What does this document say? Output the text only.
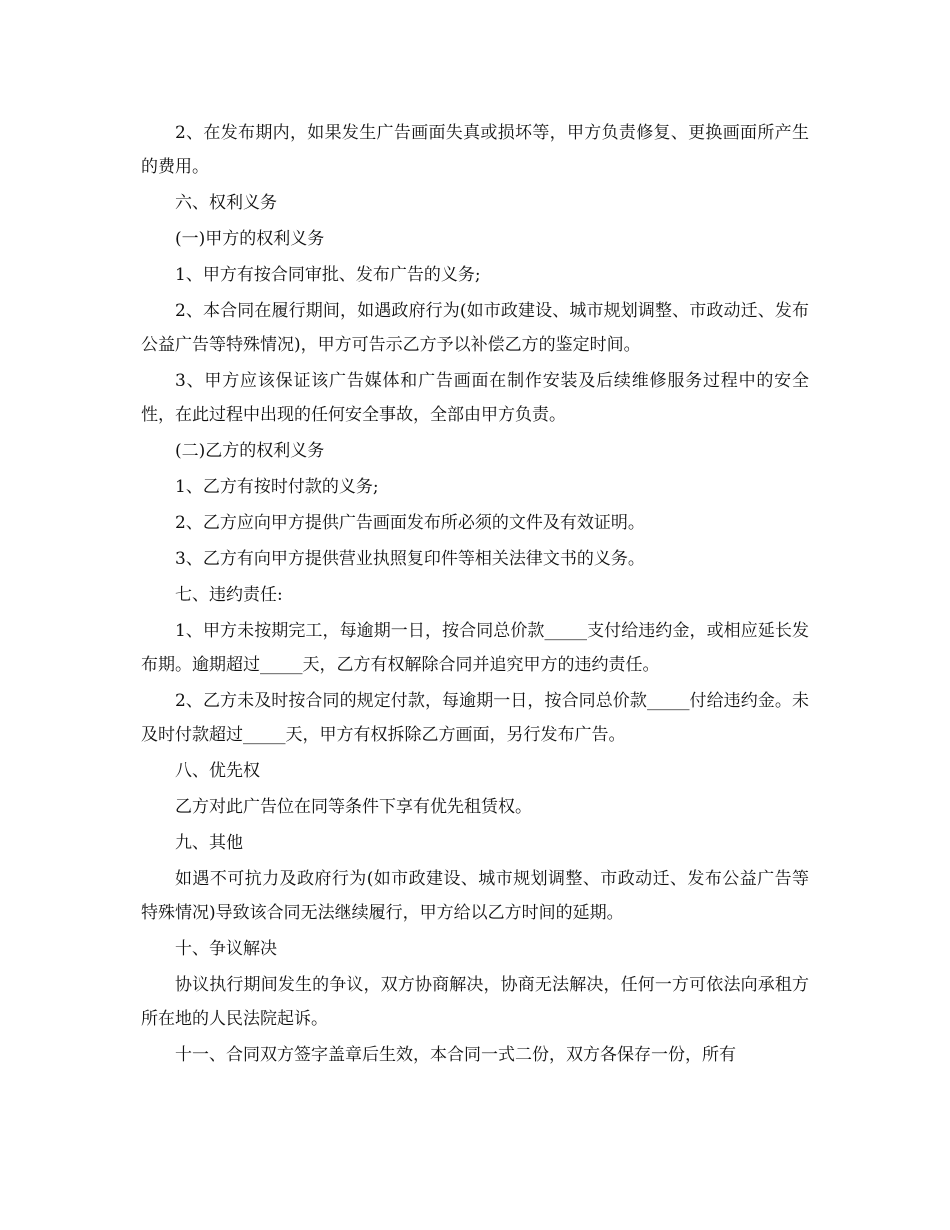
2、在发布期内，如果发生广告画面失真或损坏等，甲方负责修复、更换画面所产生的费用。

六、权利义务

(一)甲方的权利义务

1、甲方有按合同审批、发布广告的义务;

2、本合同在履行期间，如遇政府行为(如市政建设、城市规划调整、市政动迁、发布公益广告等特殊情况)，甲方可告示乙方予以补偿乙方的鉴定时间。

3、甲方应该保证该广告媒体和广告画面在制作安装及后续维修服务过程中的安全性，在此过程中出现的任何安全事故，全部由甲方负责。

(二)乙方的权利义务

1、乙方有按时付款的义务;

2、乙方应向甲方提供广告画面发布所必须的文件及有效证明。

3、乙方有向甲方提供营业执照复印件等相关法律文书的义务。

七、违约责任:

1、甲方未按期完工，每逾期一日，按合同总价款_____支付给违约金，或相应延长发布期。逾期超过_____天，乙方有权解除合同并追究甲方的违约责任。

2、乙方未及时按合同的规定付款，每逾期一日，按合同总价款_____付给违约金。未及时付款超过_____天，甲方有权拆除乙方画面，另行发布广告。

八、优先权

乙方对此广告位在同等条件下享有优先租赁权。

九、其他

如遇不可抗力及政府行为(如市政建设、城市规划调整、市政动迁、发布公益广告等特殊情况)导致该合同无法继续履行，甲方给以乙方时间的延期。

十、争议解决

协议执行期间发生的争议，双方协商解决，协商无法解决，任何一方可依法向承租方所在地的人民法院起诉。

十一、合同双方签字盖章后生效，本合同一式二份，双方各保存一份，所有
